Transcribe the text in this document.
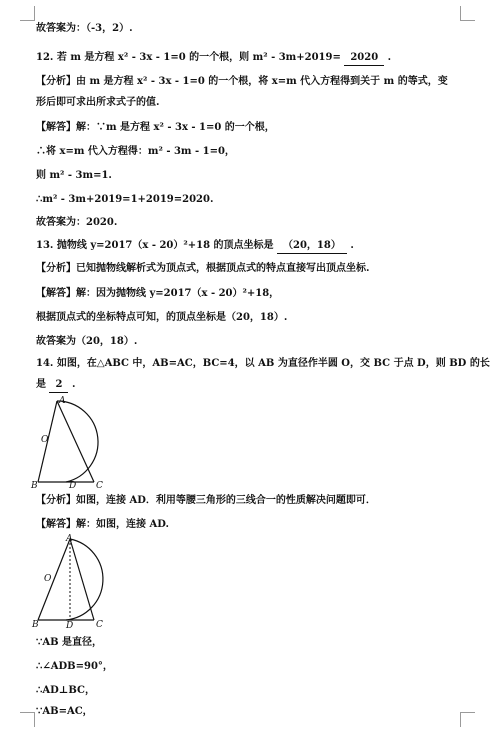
故答案为：（-3，2）.
12. 若 m 是方程 x² - 3x - 1=0 的一个根，则 m² - 3m+2019= 2020 .
【分析】由 m 是方程 x² - 3x - 1=0 的一个根，将 x=m 代入方程得到关于 m 的等式，变
形后即可求出所求式子的值.
【解答】解：∵m 是方程 x² - 3x - 1=0 的一个根，
∴将 x=m 代入方程得：m² - 3m - 1=0，
则 m² - 3m=1.
∴m² - 3m+2019=1+2019=2020.
故答案为：2020.
13. 抛物线 y=2017（x - 20）²+18 的顶点坐标是 （20，18） .
【分析】已知抛物线解析式为顶点式，根据顶点式的特点直接写出顶点坐标.
【解答】解：因为抛物线 y=2017（x - 20）²+18，
根据顶点式的坐标特点可知，的顶点坐标是（20，18）.
故答案为（20，18）.
14. 如图，在△ABC 中，AB=AC，BC=4，以 AB 为直径作半圆 O，交 BC 于点 D，则 BD 的长
是 2 .
A
O
B	D C
【分析】如图，连接 AD．利用等腰三角形的三线合一的性质解决问题即可．
【解答】解：如图，连接 AD.
A
O
B	D	C
∵AB 是直径，
∴∠ADB=90°，
∴AD⊥BC，
∵AB=AC，
